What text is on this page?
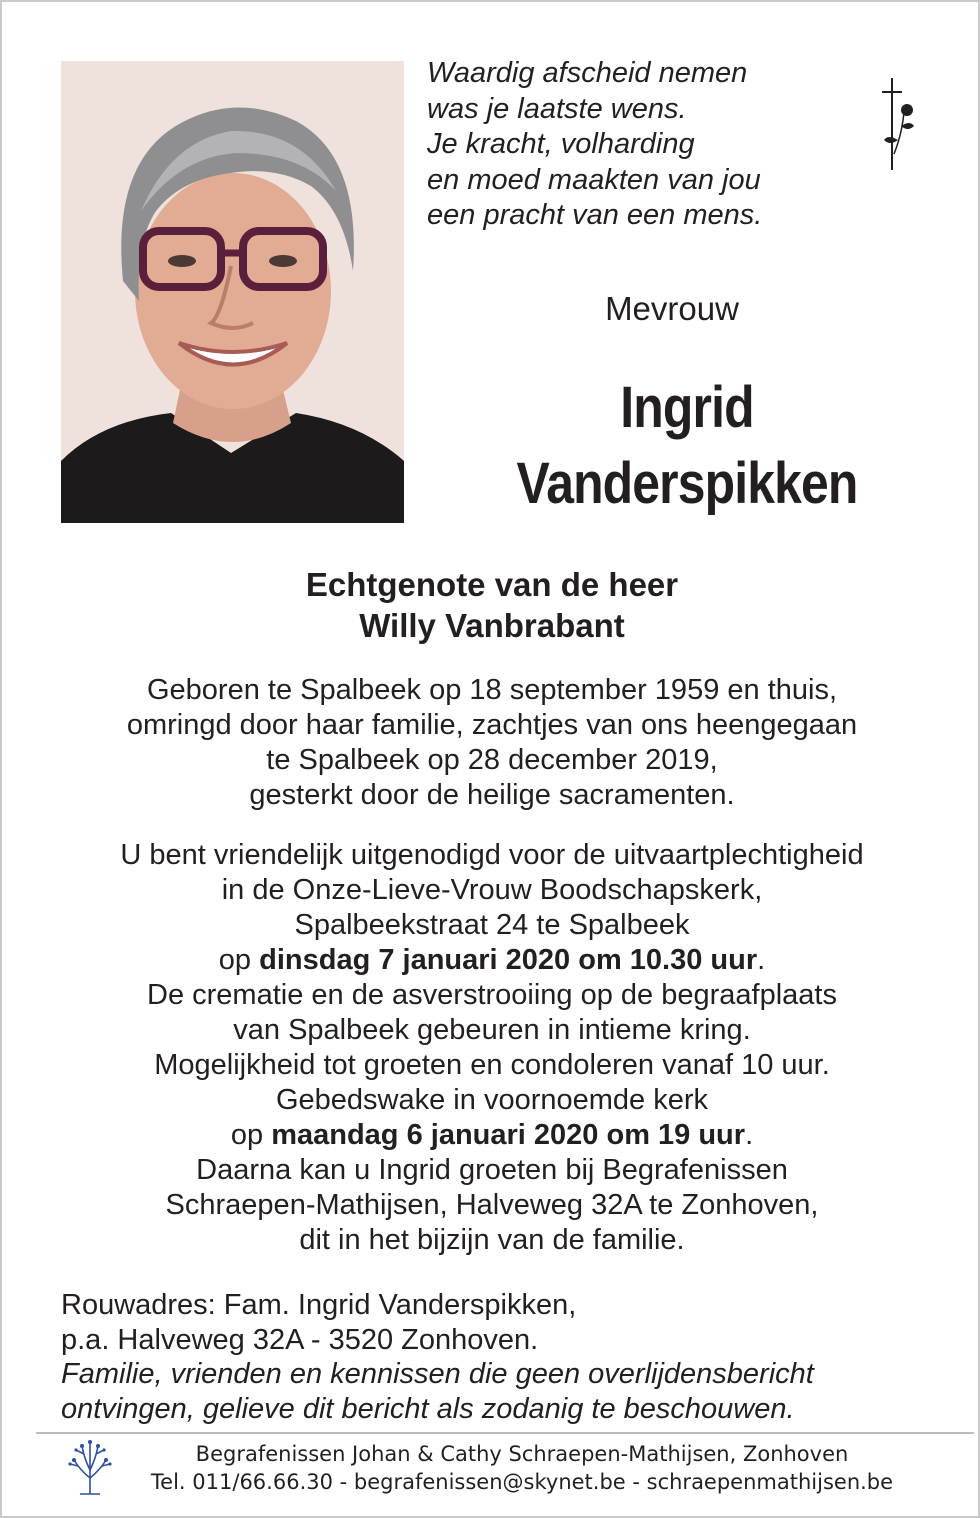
Waardig afscheid nemen
was je laatste wens.
Je kracht, volharding
en moed maakten van jou
een pracht van een mens.
Mevrouw
Ingrid
Vanderspikken
Echtgenote van de heer
Willy Vanbrabant
Geboren te Spalbeek op 18 september 1959 en thuis,
omringd door haar familie, zachtjes van ons heengegaan
te Spalbeek op 28 december 2019,
gesterkt door de heilige sacramenten.
U bent vriendelijk uitgenodigd voor de uitvaartplechtigheid
in de Onze-Lieve-Vrouw Boodschapskerk,
Spalbeekstraat 24 te Spalbeek
op dinsdag 7 januari 2020 om 10.30 uur.
De crematie en de asverstrooiing op de begraafplaats
van Spalbeek gebeuren in intieme kring.
Mogelijkheid tot groeten en condoleren vanaf 10 uur.
Gebedswake in voornoemde kerk
op maandag 6 januari 2020 om 19 uur.
Daarna kan u Ingrid groeten bij Begrafenissen
Schraepen-Mathijsen, Halveweg 32A te Zonhoven,
dit in het bijzijn van de familie.
Rouwadres: Fam. Ingrid Vanderspikken,
p.a. Halveweg 32A - 3520 Zonhoven.
Familie, vrienden en kennissen die geen overlijdensbericht
ontvingen, gelieve dit bericht als zodanig te beschouwen.
Begrafenissen Johan & Cathy Schraepen-Mathijsen, Zonhoven
Tel. 011/66.66.30 - begrafenissen@skynet.be - schraepenmathijsen.be
